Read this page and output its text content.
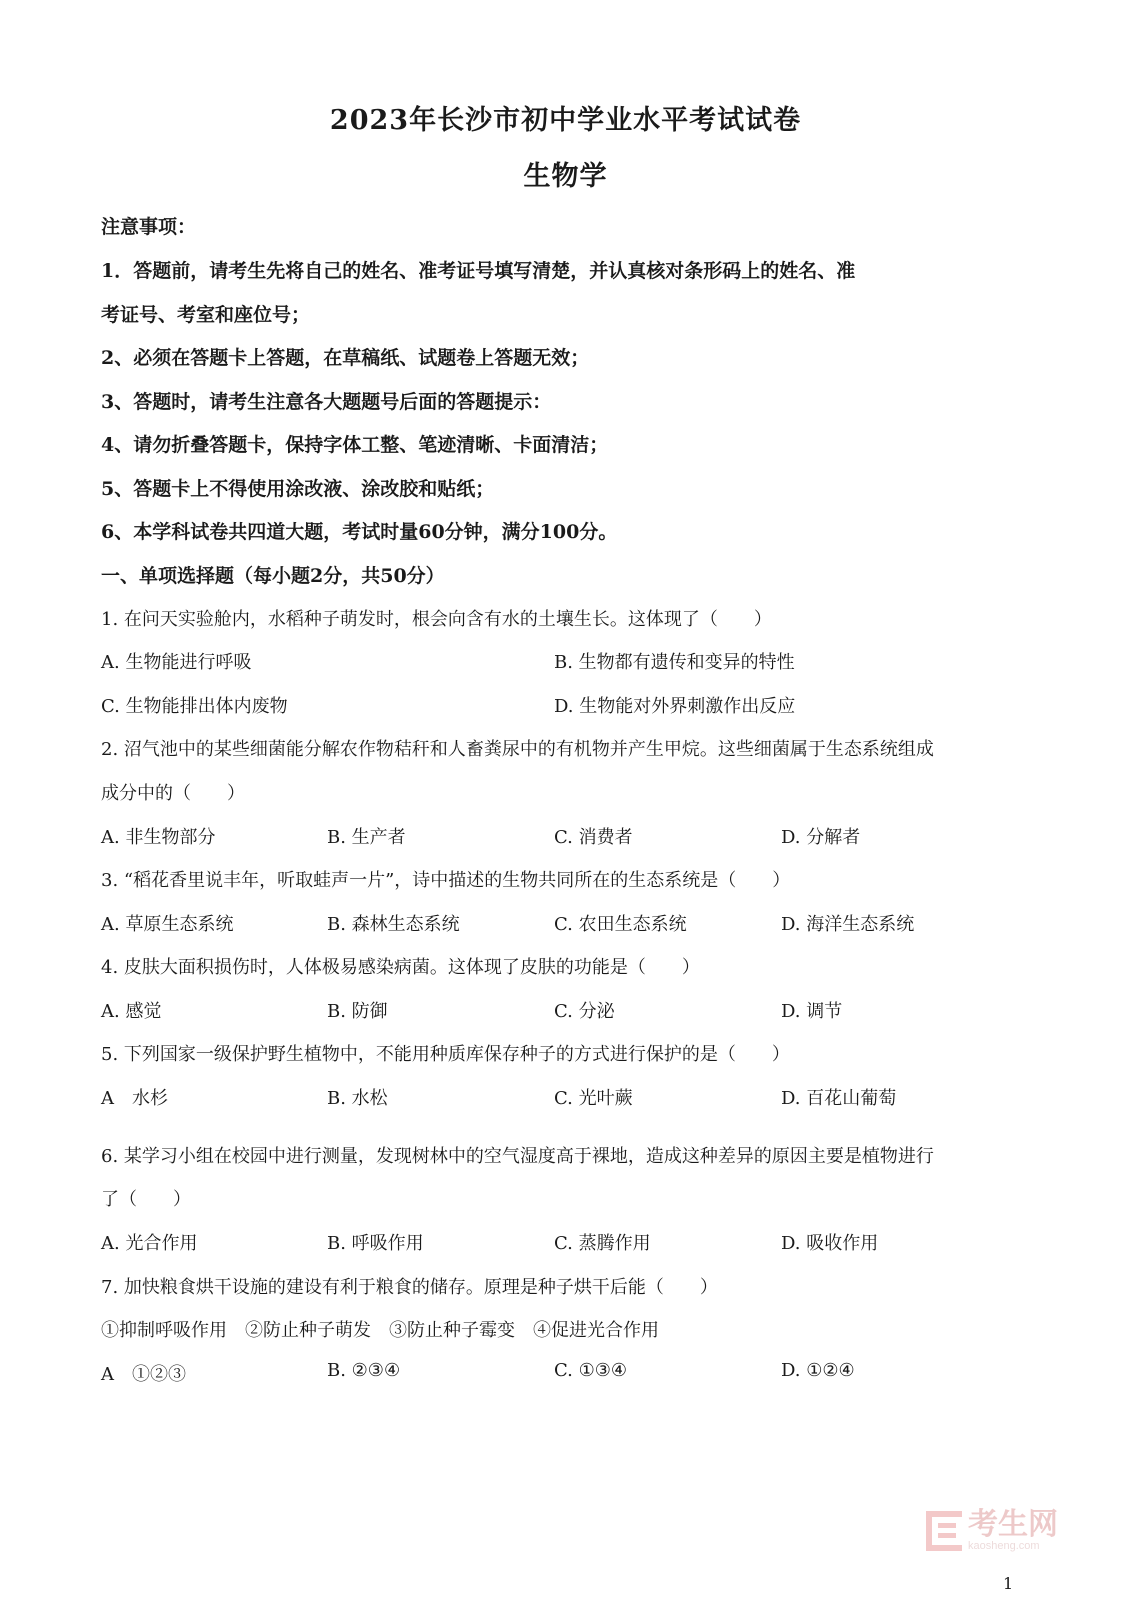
2023年长沙市初中学业水平考试试卷
生物学
注意事项：
1．答题前，请考生先将自己的姓名、准考证号填写清楚，并认真核对条形码上的姓名、准
考证号、考室和座位号；
2、必须在答题卡上答题，在草稿纸、试题卷上答题无效；
3、答题时，请考生注意各大题题号后面的答题提示：
4、请勿折叠答题卡，保持字体工整、笔迹清晰、卡面清洁；
5、答题卡上不得使用涂改液、涂改胶和贴纸；
6、本学科试卷共四道大题，考试时量60分钟，满分100分。
一、单项选择题（每小题2分，共50分）
1. 在问天实验舱内，水稻种子萌发时，根会向含有水的土壤生长。这体现了（　　）
A. 生物能进行呼吸	B. 生物都有遗传和变异的特性
C. 生物能排出体内废物	D. 生物能对外界刺激作出反应
2. 沼气池中的某些细菌能分解农作物秸秆和人畜粪尿中的有机物并产生甲烷。这些细菌属于生态系统组成
成分中的（　　）
A. 非生物部分	B. 生产者	C. 消费者	D. 分解者
3. “稻花香里说丰年，听取蛙声一片”，诗中描述的生物共同所在的生态系统是（　　）
A. 草原生态系统	B. 森林生态系统	C. 农田生态系统	D. 海洋生态系统
4. 皮肤大面积损伤时，人体极易感染病菌。这体现了皮肤的功能是（　　）
A. 感觉	B. 防御	C. 分泌	D. 调节
5. 下列国家一级保护野生植物中，不能用种质库保存种子的方式进行保护的是（　　）
A　水杉	B. 水松	C. 光叶蕨	D. 百花山葡萄
6. 某学习小组在校园中进行测量，发现树林中的空气湿度高于裸地，造成这种差异的原因主要是植物进行
了（　　）
A. 光合作用	B. 呼吸作用	C. 蒸腾作用	D. 吸收作用
7. 加快粮食烘干设施的建设有利于粮食的储存。原理是种子烘干后能（　　）
①抑制呼吸作用　②防止种子萌发　③防止种子霉变　④促进光合作用
A　①②③	B. ②③④	C. ①③④	D. ①②④
考生网
kaosheng.com
1
